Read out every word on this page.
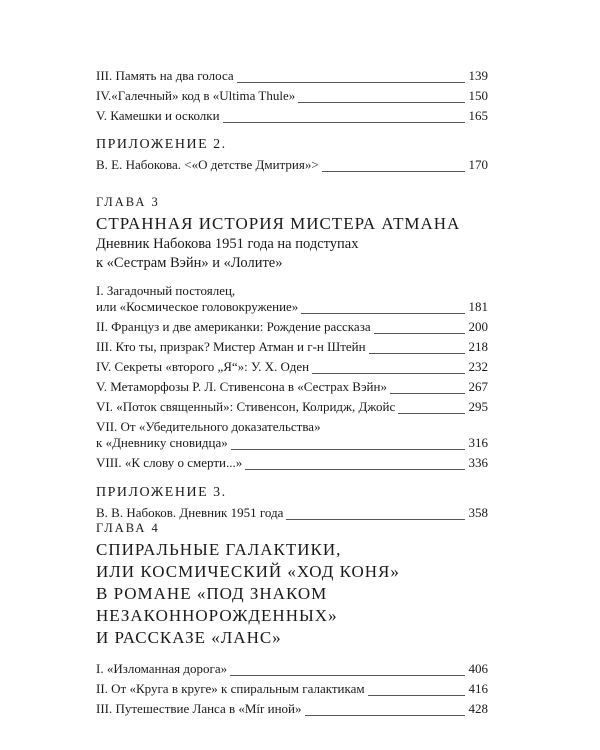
III. Память на два голоса	139
IV.«Галечный» код в «Ultima Thule»	150
V. Камешки и осколки	165
ПРИЛОЖЕНИЕ 2.
В. Е. Набокова. <«О детстве Дмитрия»>	170
ГЛАВА 3
СТРАННАЯ ИСТОРИЯ МИСТЕРА АТМАНА
Дневник Набокова 1951 года на подступах
к «Сестрам Вэйн» и «Лолите»
I. Загадочный постоялец,
или «Космическое головокружение»	181
II. Француз и две американки: Рождение рассказа	200
III. Кто ты, призрак? Мистер Атман и г-н Штейн	218
IV. Секреты «второго „Я“»: У. Х. Оден	232
V. Метаморфозы Р. Л. Стивенсона в «Сестрах Вэйн»	267
VI. «Поток священный»: Стивенсон, Колридж, Джойс	295
VII. От «Убедительного доказательства»
к «Дневнику сновидца»	316
VIII. «К слову о смерти...»	336
ПРИЛОЖЕНИЕ 3.
В. В. Набоков. Дневник 1951 года	358
ГЛАВА 4
СПИРАЛЬНЫЕ ГАЛАКТИКИ,
ИЛИ КОСМИЧЕСКИЙ «ХОД КОНЯ»
В РОМАНЕ «ПОД ЗНАКОМ
НЕЗАКОННОРОЖДЕННЫХ»
И РАССКАЗЕ «ЛАНС»
I. «Изломанная дорога»	406
II. От «Круга в круге» к спиральным галактикам	416
III. Путешествие Ланса в «Mír иной»	428
